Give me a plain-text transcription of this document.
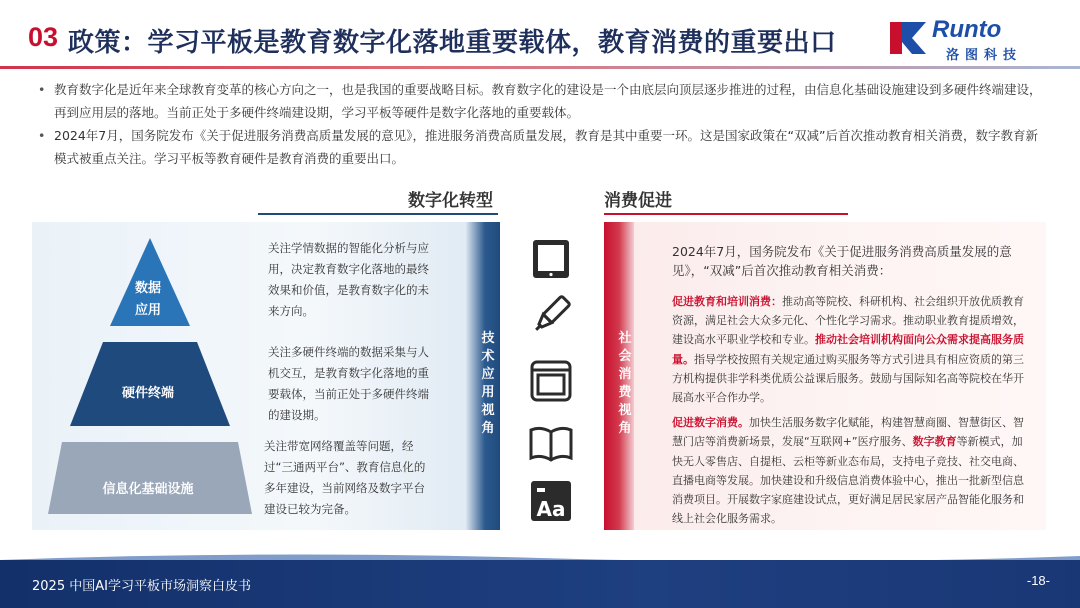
03 政策：学习平板是教育数字化落地重要载体，教育消费的重要出口	Runto
洛图科技
• 教育数字化是近年来全球教育变革的核心方向之一，也是我国的重要战略目标。教育数字化的建设是一个由底层向顶层逐步推进的过程，由信息化基础设施建设到多硬件终端建设，再到应用层的落地。当前正处于多硬件终端建设期，学习平板等硬件是数字化落地的重要载体。
• 2024年7月，国务院发布《关于促进服务消费高质量发展的意见》，推进服务消费高质量发展，教育是其中重要一环。这是国家政策在“双减”后首次推动教育相关消费，数字教育新模式被重点关注。学习平板等教育硬件是教育消费的重要出口。
数字化转型	消费促进
技术应用视角
数据
应用
硬件终端
信息化基础设施
关注学情数据的智能化分析与应用，决定教育数字化落地的最终效果和价值，是教育数字化的未来方向。
关注多硬件终端的数据采集与人机交互，是教育数字化落地的重要载体，当前正处于多硬件终端的建设期。
关注带宽网络覆盖等问题，经过“三通两平台”、教育信息化的多年建设，当前网络及数字平台建设已较为完备。	Aa
社会消费视角
2024年7月，国务院发布《关于促进服务消费高质量发展的意见》，“双减”后首次推动教育相关消费：

促进教育和培训消费：推动高等院校、科研机构、社会组织开放优质教育资源，满足社会大众多元化、个性化学习需求。推动职业教育提质增效，建设高水平职业学校和专业。推动社会培训机构面向公众需求提高服务质量。指导学校按照有关规定通过购买服务等方式引进具有相应资质的第三方机构提供非学科类优质公益课后服务。鼓励与国际知名高等院校在华开展高水平合作办学。

促进数字消费。加快生活服务数字化赋能，构建智慧商圈、智慧街区、智慧门店等消费新场景，发展“互联网+”医疗服务、数字教育等新模式，加快无人零售店、自提柜、云柜等新业态布局，支持电子竞技、社交电商、直播电商等发展。加快建设和升级信息消费体验中心，推出一批新型信息消费项目。开展数字家庭建设试点，更好满足居民家居产品智能化服务和线上社会化服务需求。

2025 中国AI学习平板市场洞察白皮书	-18-
